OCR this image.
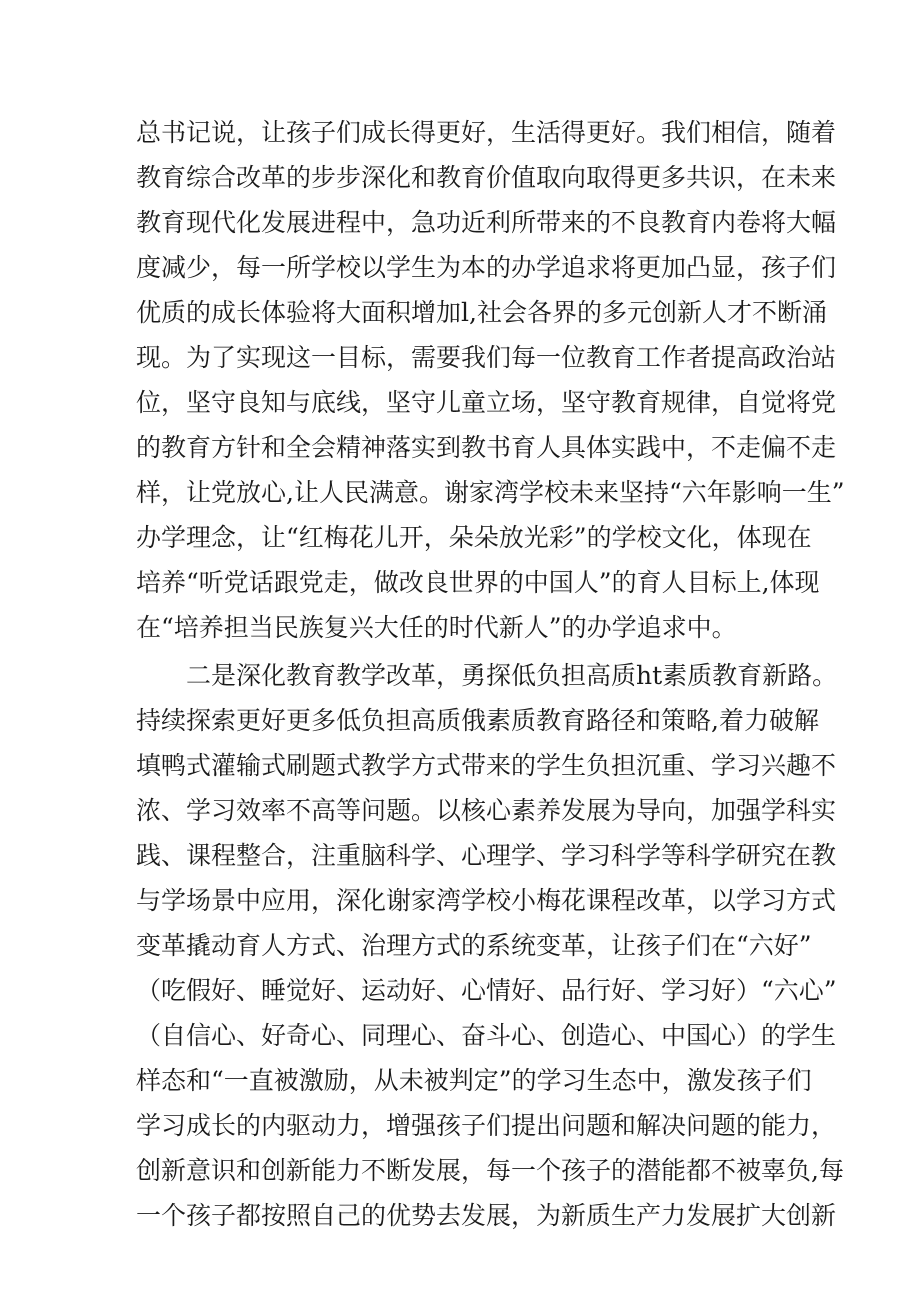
总书记说，让孩子们成长得更好，生活得更好。我们相信，随着
教育综合改革的步步深化和教育价值取向取得更多共识，在未来
教育现代化发展进程中，急功近利所带来的不良教育内卷将大幅
度减少，每一所学校以学生为本的办学追求将更加凸显，孩子们
优质的成长体验将大面积增加l,社会各界的多元创新人才不断涌
现。为了实现这一目标，需要我们每一位教育工作者提高政治站
位，坚守良知与底线，坚守儿童立场，坚守教育规律，自觉将党
的教育方针和全会精神落实到教书育人具体实践中，不走偏不走
样，让党放心,让人民满意。谢家湾学校未来坚持“六年影响一生”
办学理念，让“红梅花儿开，朵朵放光彩”的学校文化，体现在
培养“听党话跟党走，做改良世界的中国人”的育人目标上,体现
在“培养担当民族复兴大任的时代新人”的办学追求中。
二是深化教育教学改革，勇探低负担高质ht素质教育新路。
持续探索更好更多低负担高质俄素质教育路径和策略,着力破解
填鸭式灌输式刷题式教学方式带来的学生负担沉重、学习兴趣不
浓、学习效率不高等问题。以核心素养发展为导向，加强学科实
践、课程整合，注重脑科学、心理学、学习科学等科学研究在教
与学场景中应用，深化谢家湾学校小梅花课程改革，以学习方式
变革撬动育人方式、治理方式的系统变革，让孩子们在“六好”
（吃假好、睡觉好、运动好、心情好、品行好、学习好）“六心”
（自信心、好奇心、同理心、奋斗心、创造心、中国心）的学生
样态和“一直被激励，从未被判定”的学习生态中，激发孩子们
学习成长的内驱动力，增强孩子们提出问题和解决问题的能力，
创新意识和创新能力不断发展，每一个孩子的潜能都不被辜负,每
一个孩子都按照自己的优势去发展，为新质生产力发展扩大创新
